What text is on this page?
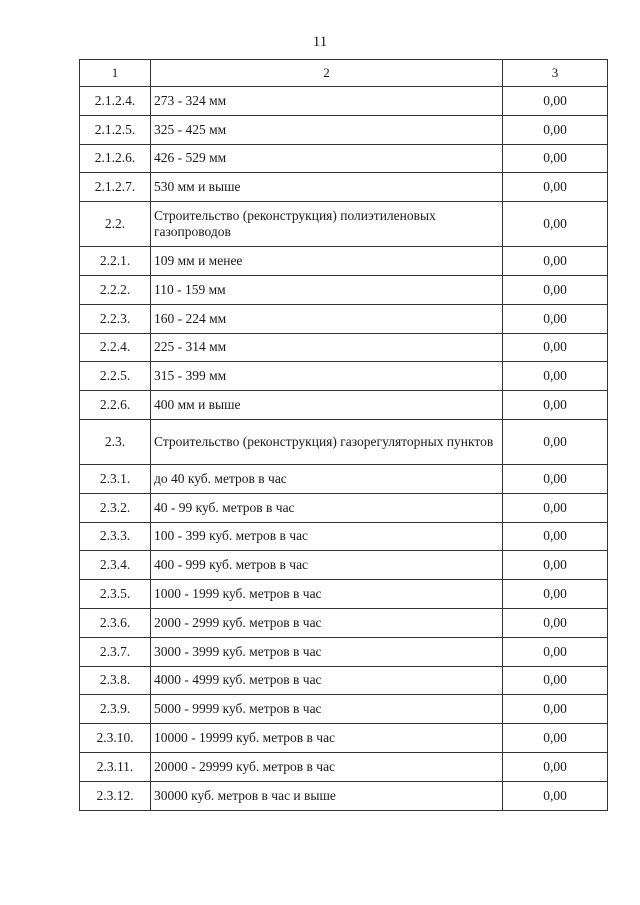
11
1	2	3
2.1.2.4.	273 - 324 мм	0,00
2.1.2.5.	325 - 425 мм	0,00
2.1.2.6.	426 - 529 мм	0,00
2.1.2.7.	530 мм и выше	0,00
2.2.	Строительство (реконструкция) полиэтиленовых газопроводов	0,00
2.2.1.	109 мм и менее	0,00
2.2.2.	110 - 159 мм	0,00
2.2.3.	160 - 224 мм	0,00
2.2.4.	225 - 314 мм	0,00
2.2.5.	315 - 399 мм	0,00
2.2.6.	400 мм и выше	0,00
2.3.	Строительство (реконструкция) газорегуляторных пунктов	0,00
2.3.1.	до 40 куб. метров в час	0,00
2.3.2.	40 - 99 куб. метров в час	0,00
2.3.3.	100 - 399 куб. метров в час	0,00
2.3.4.	400 - 999 куб. метров в час	0,00
2.3.5.	1000 - 1999 куб. метров в час	0,00
2.3.6.	2000 - 2999 куб. метров в час	0,00
2.3.7.	3000 - 3999 куб. метров в час	0,00
2.3.8.	4000 - 4999 куб. метров в час	0,00
2.3.9.	5000 - 9999 куб. метров в час	0,00
2.3.10.	10000 - 19999 куб. метров в час	0,00
2.3.11.	20000 - 29999 куб. метров в час	0,00
2.3.12.	30000 куб. метров в час и выше	0,00
